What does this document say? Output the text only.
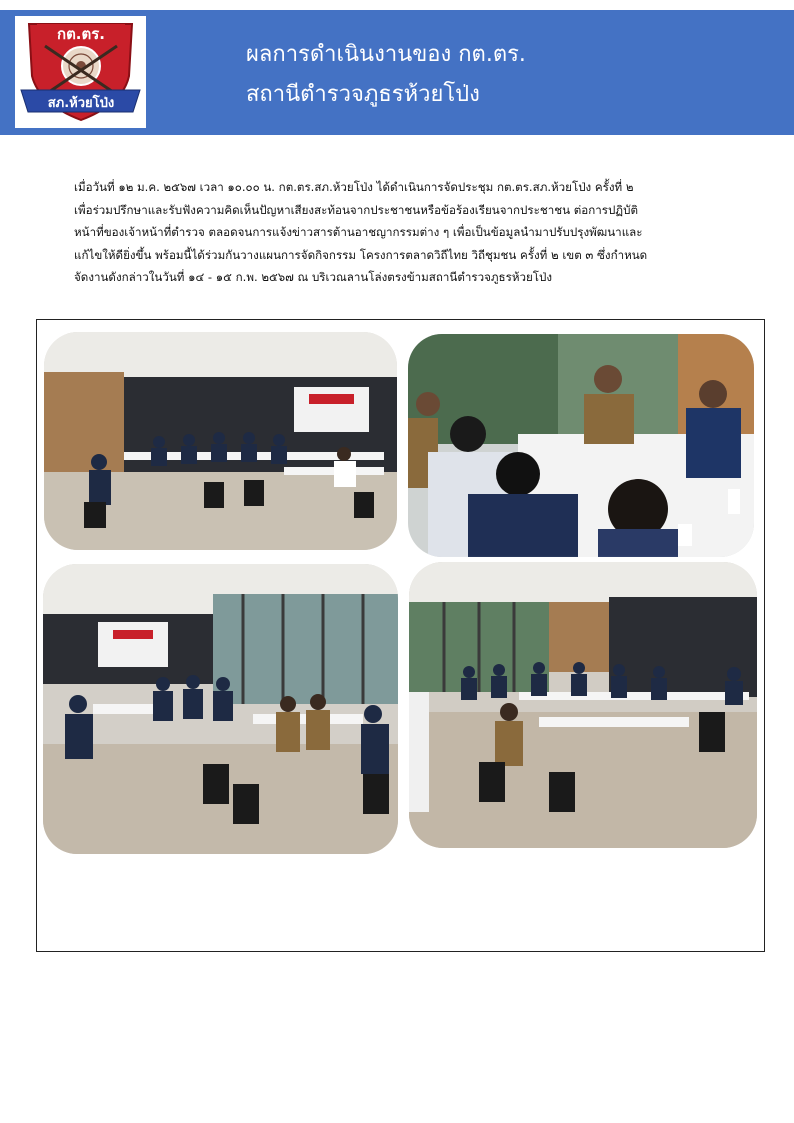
กต.ตร.
สภ.ห้วยโป่ง
ผลการดำเนินงานของ กต.ตร.
สถานีตำรวจภูธรห้วยโป่ง
เมื่อวันที่ ๑๒ ม.ค. ๒๕๖๗ เวลา ๑๐.๐๐ น. กต.ตร.สภ.ห้วยโป่ง ได้ดำเนินการจัดประชุม กต.ตร.สภ.ห้วยโป่ง ครั้งที่ ๒
เพื่อร่วมปรึกษาและรับฟังความคิดเห็นปัญหาเสียงสะท้อนจากประชาชนหรือข้อร้องเรียนจากประชาชน ต่อการปฏิบัติ
หน้าที่ของเจ้าหน้าที่ตำรวจ ตลอดจนการแจ้งข่าวสารต้านอาชญากรรมต่าง ๆ เพื่อเป็นข้อมูลนำมาปรับปรุงพัฒนาและ
แก้ไขให้ดียิ่งขึ้น พร้อมนี้ได้ร่วมกันวางแผนการจัดกิจกรรม โครงการตลาดวิถีไทย วิถีชุมชน ครั้งที่ ๒ เขต ๓ ซึ่งกำหนด
จัดงานดังกล่าวในวันที่ ๑๔ - ๑๕ ก.พ. ๒๕๖๗ ณ บริเวณลานโล่งตรงข้ามสถานีตำรวจภูธรห้วยโป่ง
